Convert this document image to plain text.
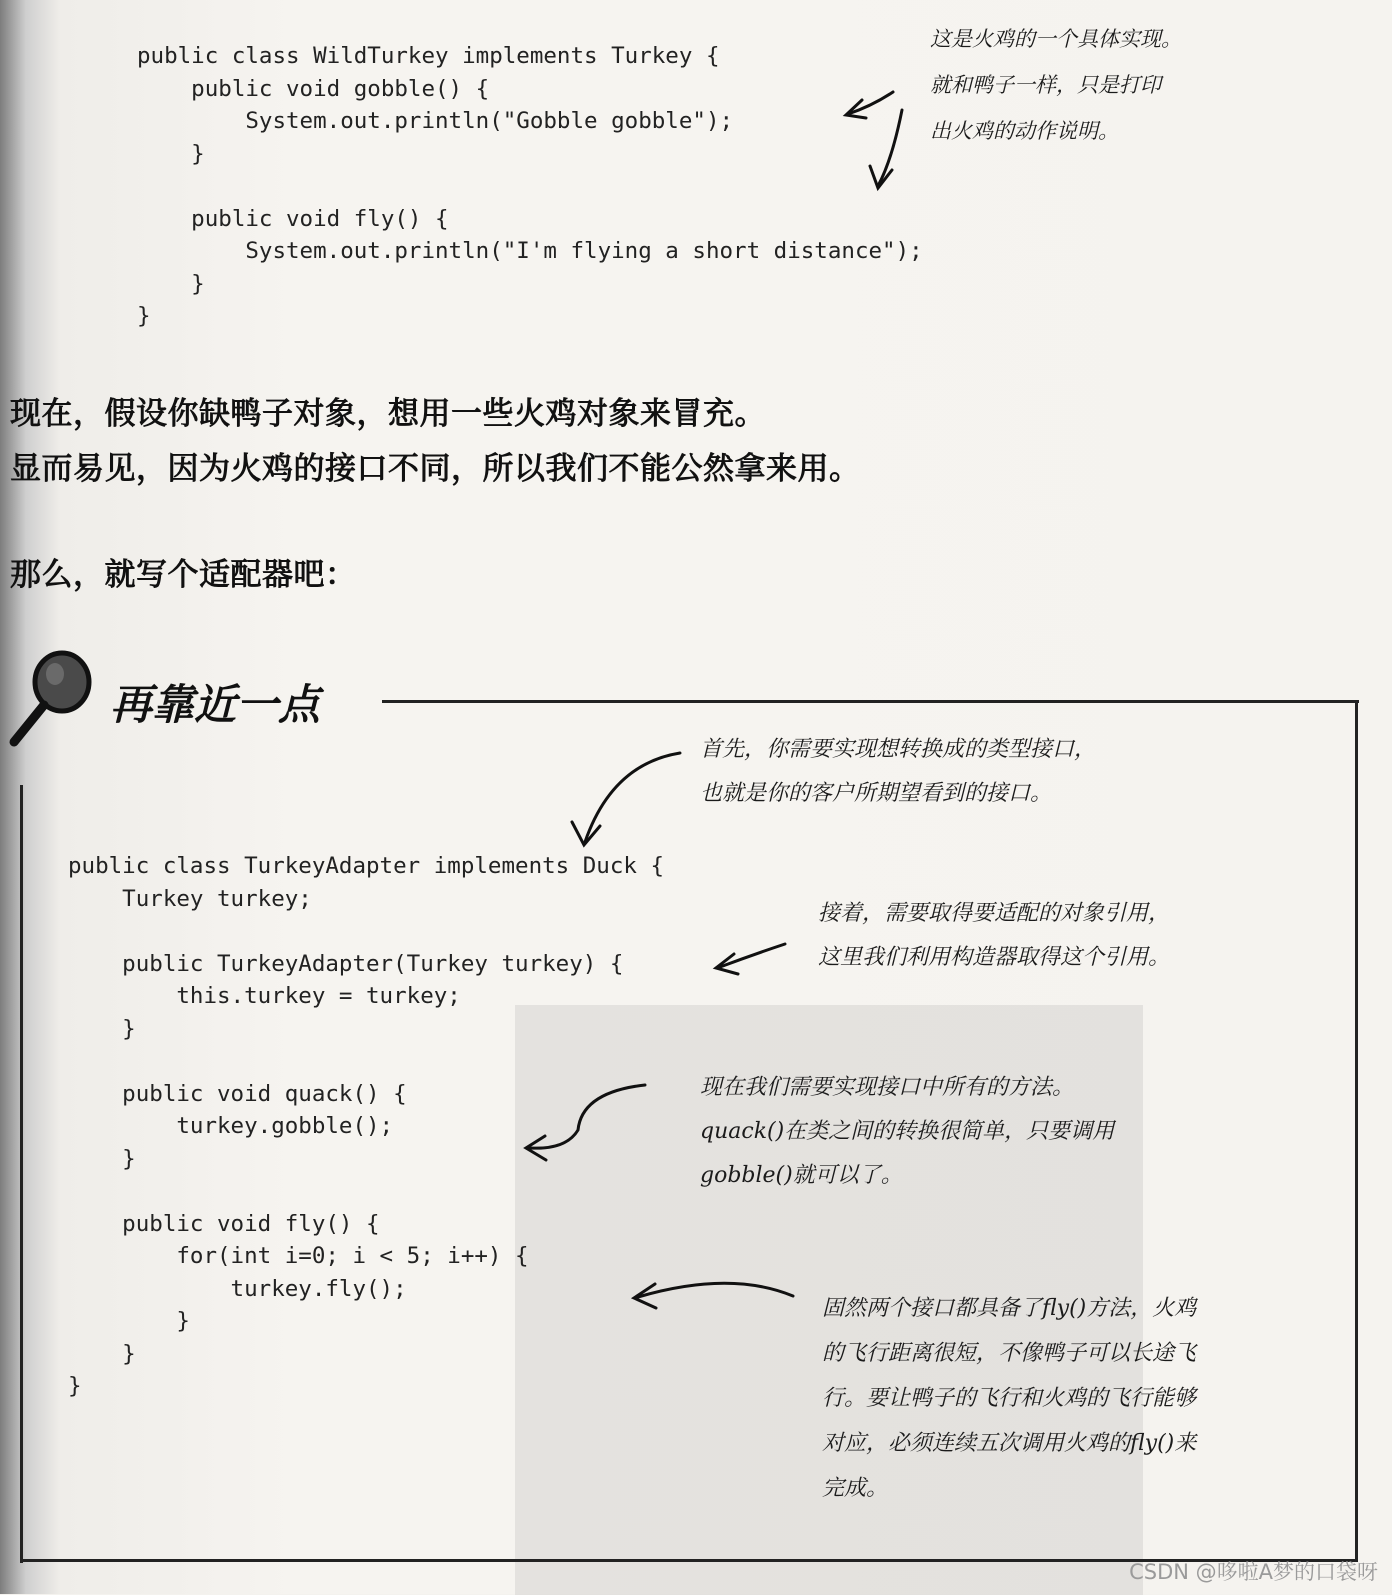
public class WildTurkey implements Turkey {
public void gobble() {
System.out.println("Gobble gobble");
}

public void fly() {
System.out.println("I'm flying a short distance");
}
}
这是火鸡的一个具体实现。
就和鸭子一样，只是打印
出火鸡的动作说明。
现在，假设你缺鸭子对象，想用一些火鸡对象来冒充。
显而易见，因为火鸡的接口不同，所以我们不能公然拿来用。
那么，就写个适配器吧：
再靠近一点
public class TurkeyAdapter implements Duck {
Turkey turkey;

public TurkeyAdapter(Turkey turkey) {
this.turkey = turkey;
}

public void quack() {
turkey.gobble();
}

public void fly() {
for(int i=0; i < 5; i++) {
turkey.fly();
}
}
}
首先，你需要实现想转换成的类型接口，
也就是你的客户所期望看到的接口。
接着，需要取得要适配的对象引用，
这里我们利用构造器取得这个引用。
现在我们需要实现接口中所有的方法。
quack()在类之间的转换很简单，只要调用
gobble()就可以了。
固然两个接口都具备了fly()方法，火鸡
的飞行距离很短，不像鸭子可以长途飞
行。要让鸭子的飞行和火鸡的飞行能够
对应，必须连续五次调用火鸡的fly()来
完成。
CSDN @哆啦A梦的口袋呀
